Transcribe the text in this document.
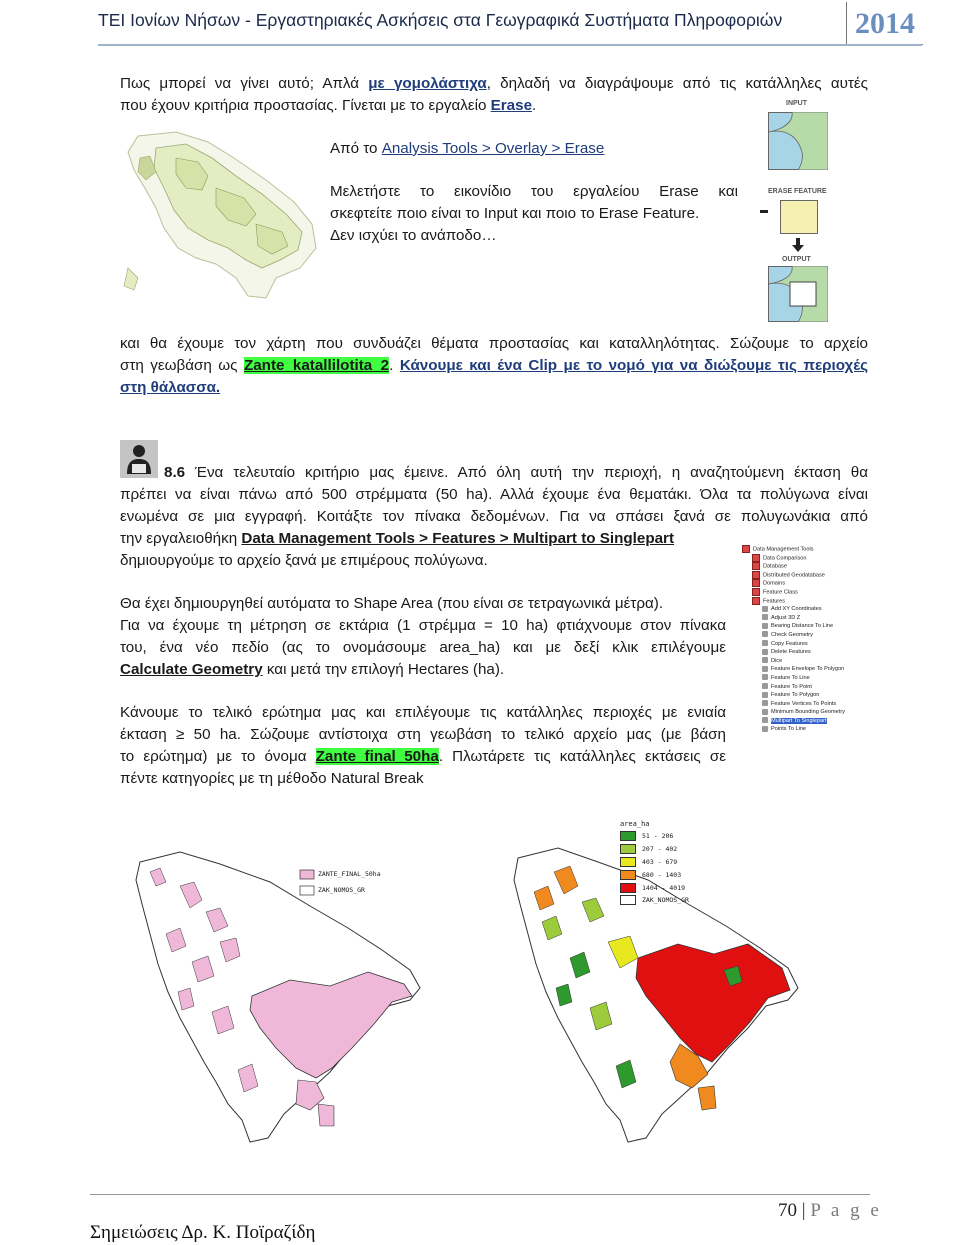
ΤΕΙ Ιονίων Νήσων - Εργαστηριακές Ασκήσεις στα Γεωγραφικά Συστήματα Πληροφοριών	2014
Πως μπορεί να γίνει αυτό; Απλά με γομολάστιχα, δηλαδή να διαγράψουμε από τις κατάλληλες αυτές
που έχουν κριτήρια προστασίας. Γίνεται με το εργαλείο Erase.
Από το Analysis Tools > Overlay > Erase
Μελετήστε το εικονίδιο του εργαλείου Erase και
σκεφτείτε ποιο είναι το Input και ποιο το Erase Feature.
Δεν ισχύει το ανάποδο…
INPUT
ERASE FEATURE
OUTPUT
και θα έχουμε τον χάρτη που συνδυάζει θέματα προστασίας και καταλληλότητας. Σώζουμε το αρχείο
στη γεωβάση ως Zante_katallilotita_2. Κάνουμε και ένα Clip με το νομό για να διώξουμε τις περιοχές
στη θάλασσα.
8.6 Ένα τελευταίο κριτήριο μας έμεινε. Από όλη αυτή την περιοχή, η αναζητούμενη έκταση θα
πρέπει να είναι πάνω από 500 στρέμματα (50 ha). Αλλά έχουμε ένα θεματάκι. Όλα τα πολύγωνα είναι
ενωμένα σε μια εγγραφή. Κοιτάξτε τον πίνακα δεδομένων. Για να σπάσει ξανά σε πολυγωνάκια από
την εργαλειοθήκη Data Management Tools > Features > Multipart to Singlepart
δημιουργούμε το αρχείο ξανά με επιμέρους πολύγωνα.
Data Management Tools
Data Comparison
Database
Distributed Geodatabase
Domains
Feature Class
Features
Add XY Coordinates
Adjust 3D Z
Bearing Distance To Line
Check Geometry
Copy Features
Delete Features
Dice
Feature Envelope To Polygon
Feature To Line
Feature To Point
Feature To Polygon
Feature Vertices To Points
Minimum Bounding Geometry
Multipart To Singlepart
Points To Line
Θα έχει δημιουργηθεί αυτόματα το Shape Area (που είναι σε τετραγωνικά μέτρα).
Για να έχουμε τη μέτρηση σε εκτάρια (1 στρέμμα = 10 ha) φτιάχνουμε στον πίνακα
του, ένα νέο πεδίο (ας το ονομάσουμε area_ha) και με δεξί κλικ επιλέγουμε
Calculate Geometry και μετά την επιλογή Hectares (ha).
Κάνουμε το τελικό ερώτημα μας και επιλέγουμε τις κατάλληλες περιοχές με ενιαία
έκταση ≥ 50 ha. Σώζουμε αντίστοιχα στη γεωβάση το τελικό αρχείο μας (με βάση
το ερώτημα) με το όνομα Zante_final_50ha. Πλωτάρετε τις κατάλληλες εκτάσεις σε
πέντε κατηγορίες με τη μέθοδο Natural Break
ZANTE_FINAL_50ha
ZAK_NOMOS_GR
area_ha
51 - 206
207 - 402
403 - 679
680 - 1403
1404 - 4019
ZAK_NOMOS_GR
70 | P a g e
Σημειώσεις Δρ. Κ. Ποϊραζίδη
